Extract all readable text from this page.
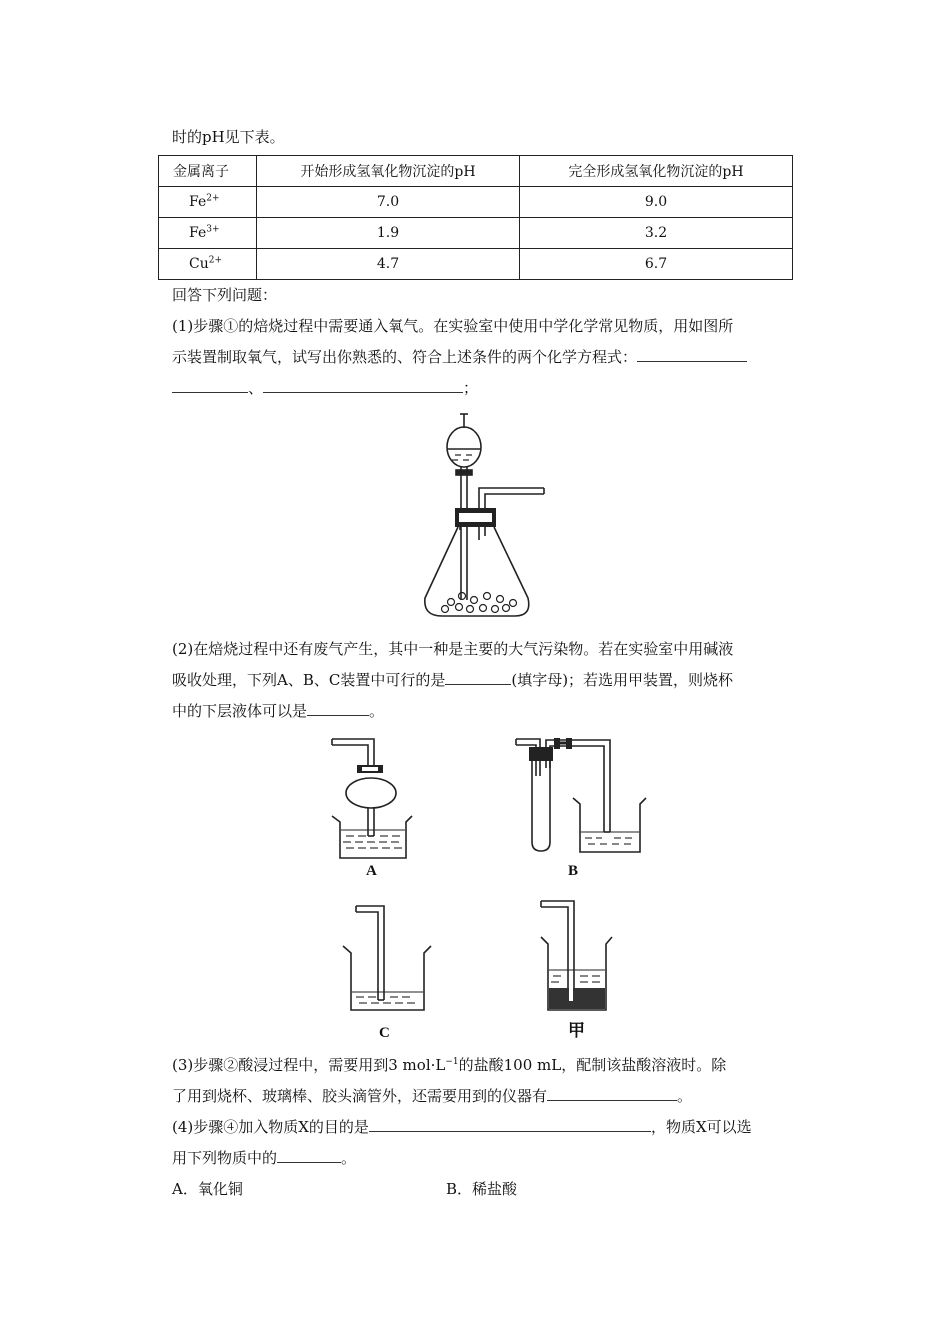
时的pH见下表。
金属离子	开始形成氢氧化物沉淀的pH	完全形成氢氧化物沉淀的pH
$Fe^{2+}$	7.0	9.0
$Fe^{3+}$	1.9	3.2
$Cu^{2+}$	4.7	6.7
回答下列问题：
(1)步骤①的焙烧过程中需要通入氧气。在实验室中使用中学化学常见物质，用如图所
示装置制取氧气，试写出你熟悉的、符合上述条件的两个化学方程式：
、	；
(2)在焙烧过程中还有废气产生，其中一种是主要的大气污染物。若在实验室中用碱液
吸收处理，下列A、B、C装置中可行的是	(填字母)；若选用甲装置，则烧杯
中的下层液体可以是	。
A	B
C	甲
(3)步骤②酸浸过程中，需要用到3 $mol\cdot L^{-1}$的盐酸100 mL，配制该盐酸溶液时。除
了用到烧杯、玻璃棒、胶头滴管外，还需要用到的仪器有	。
(4)步骤④加入物质X的目的是	，物质X可以选
用下列物质中的	。
A．氧化铜	B．稀盐酸
